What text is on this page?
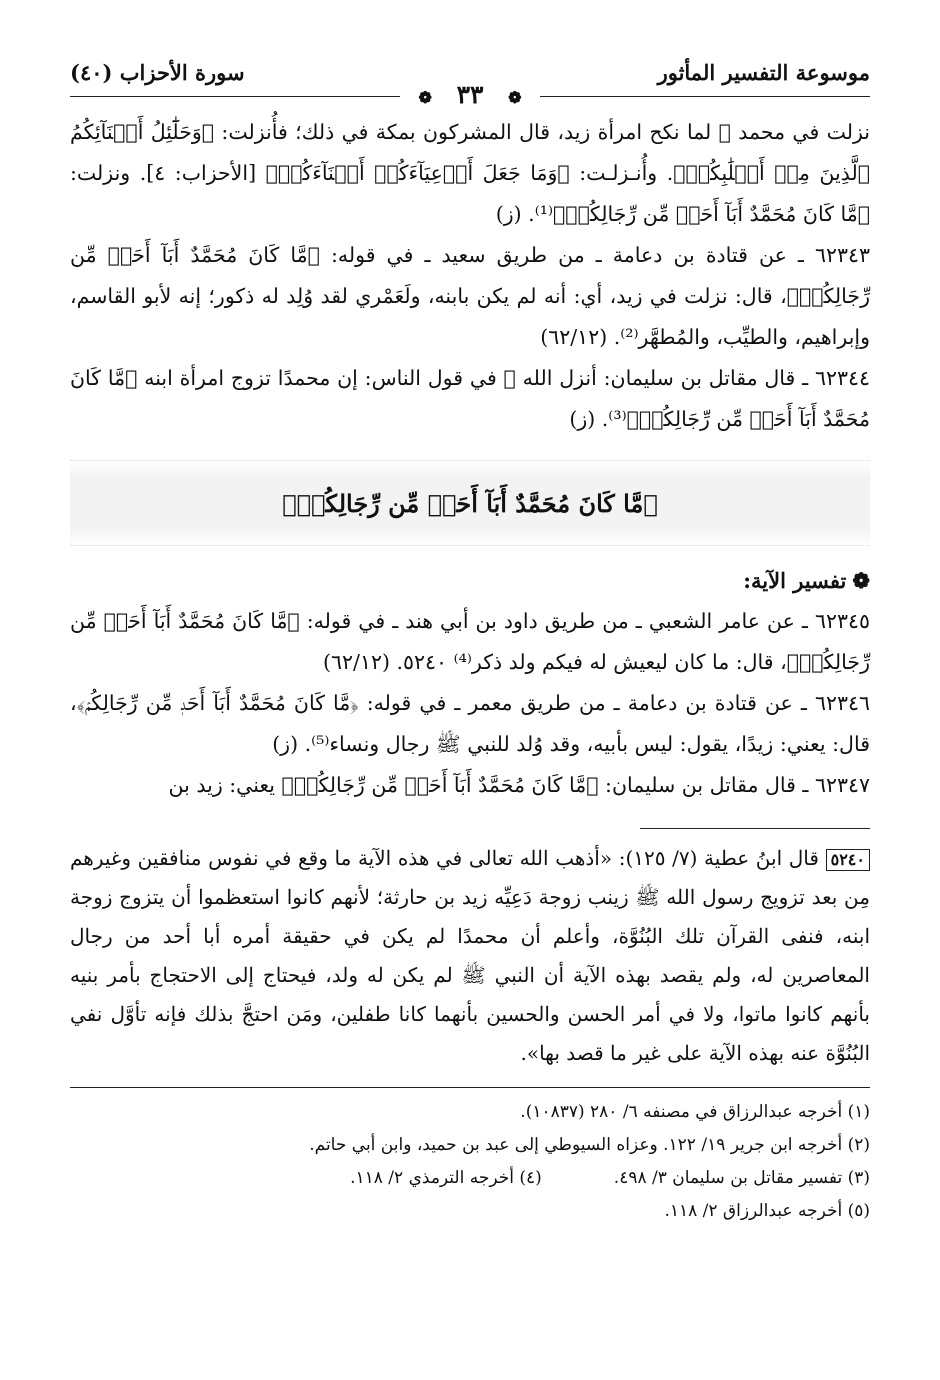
موسوعة التفسير المأثور
سورة الأحزاب (٤٠)
❁ ٣٣ ❁

نزلت في محمد ﷺ لما نكح امرأة زيد، قال المشركون بمكة في ذلك؛ فأُنزلت: ﴿وَحَلَٰٓئِلُ أَبۡنَآئِكُمُ ٱلَّذِينَ مِنۡ أَصۡلَٰبِكُمۡ﴾. وأُنـزلـت: ﴿وَمَا جَعَلَ أَدۡعِيَآءَكُمۡ أَبۡنَآءَكُمۡ﴾ [الأحزاب: ٤]. ونزلت: ﴿مَّا كَانَ مُحَمَّدٌ أَبَآ أَحَدٖ مِّن رِّجَالِكُمۡ﴾⁽¹⁾. (ز)

٦٢٣٤٣ ـ عن قتادة بن دعامة ـ من طريق سعيد ـ في قوله: ﴿مَّا كَانَ مُحَمَّدٌ أَبَآ أَحَدٖ مِّن رِّجَالِكُمۡ﴾، قال: نزلت في زيد، أي: أنه لم يكن بابنه، ولَعَمْري لقد وُلِد له ذكور؛ إنه لأبو القاسم، وإبراهيم، والطيِّب، والمُطهَّر⁽²⁾. (٦٢/١٢)

٦٢٣٤٤ ـ قال مقاتل بن سليمان: أنزل الله ﷻ في قول الناس: إن محمدًا تزوج امرأة ابنه ﴿مَّا كَانَ مُحَمَّدٌ أَبَآ أَحَدٖ مِّن رِّجَالِكُمۡ﴾⁽³⁾. (ز)

﴿مَّا كَانَ مُحَمَّدٌ أَبَآ أَحَدٖ مِّن رِّجَالِكُمۡ﴾
❁تفسير الآية:

٦٢٣٤٥ ـ عن عامر الشعبي ـ من طريق داود بن أبي هند ـ في قوله: ﴿مَّا كَانَ مُحَمَّدٌ أَبَآ أَحَدٖ مِّن رِّجَالِكُمۡ﴾، قال: ما كان ليعيش له فيكم ولد ذكر⁽⁴⁾ ٥٢٤٠. (٦٢/١٢)

٦٢٣٤٦ ـ عن قتادة بن دعامة ـ من طريق معمر ـ في قوله: ﴿مَّا كَانَ مُحَمَّدٌ أَبَآ أَحَدٖ مِّن رِّجَالِكُمۡ﴾، قال: يعني: زيدًا، يقول: ليس بأبيه، وقد وُلد للنبي ﷺ رجال ونساء⁽⁵⁾. (ز)

٦٢٣٤٧ ـ قال مقاتل بن سليمان: ﴿مَّا كَانَ مُحَمَّدٌ أَبَآ أَحَدٖ مِّن رِّجَالِكُمۡ﴾ يعني: زيد بن

٥٢٤٠ قال ابنُ عطية (٧/ ١٢٥): «أذهب الله تعالى في هذه الآية ما وقع في نفوس منافقين وغيرهم مِن بعد تزويج رسول الله ﷺ زينب زوجة دَعِيِّه زيد بن حارثة؛ لأنهم كانوا استعظموا أن يتزوج زوجة ابنه، فنفى القرآن تلك البُنُوَّة، وأعلم أن محمدًا لم يكن في حقيقة أمره أبا أحد من رجال المعاصرين له، ولم يقصد بهذه الآية أن النبي ﷺ لم يكن له ولد، فيحتاج إلى الاحتجاج بأمر بنيه بأنهم كانوا ماتوا، ولا في أمر الحسن والحسين بأنهما كانا طفلين، ومَن احتجَّ بذلك فإنه تأوَّل نفي البُنُوَّة عنه بهذه الآية على غير ما قصد بها».
(١) أخرجه عبدالرزاق في مصنفه ٦/ ٢٨٠ (١٠٨٣٧).
(٢) أخرجه ابن جرير ١٩/ ١٢٢. وعزاه السيوطي إلى عبد بن حميد، وابن أبي حاتم.
(٣) تفسير مقاتل بن سليمان ٣/ ٤٩٨.
(٤) أخرجه الترمذي ٢/ ١١٨.
(٥) أخرجه عبدالرزاق ٢/ ١١٨.
